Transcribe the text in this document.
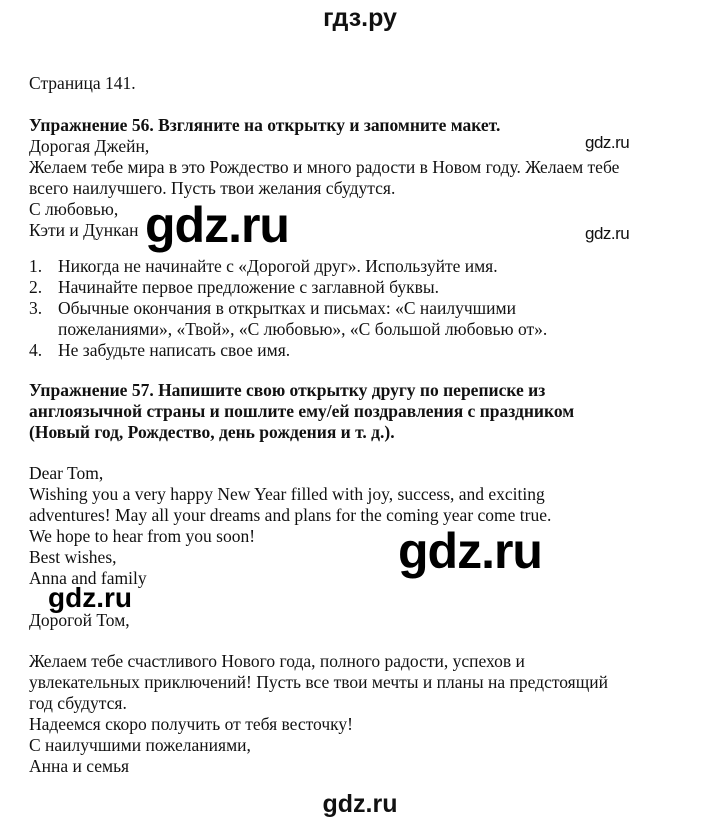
гдз.ру
Страница 141.
Упражнение 56. Взгляните на открытку и запомните макет.
Дорогая Джейн,
Желаем тебе мира в это Рождество и много радости в Новом году. Желаем тебе
всего наилучшего. Пусть твои желания сбудутся.
С любовью,
Кэти и Дункан
gdz.ru
gdz.ru
gdz.ru
1. Никогда не начинайте с «Дорогой друг». Используйте имя.
2. Начинайте первое предложение с заглавной буквы.
3. Обычные окончания в открытках и письмах: «С наилучшими пожеланиями», «Твой», «С любовью», «С большой любовью от».
4. Не забудьте написать свое имя.
Упражнение 57. Напишите свою открытку другу по переписке из
англоязычной страны и пошлите ему/ей поздравления с праздником
(Новый год, Рождество, день рождения и т. д.).
Dear Tom,
Wishing you a very happy New Year filled with joy, success, and exciting
adventures! May all your dreams and plans for the coming year come true.
We hope to hear from you soon!
Best wishes,
Anna and family	gdz.ru
gdz.ru
Дорогой Том,
Желаем тебе счастливого Нового года, полного радости, успехов и
увлекательных приключений! Пусть все твои мечты и планы на предстоящий
год сбудутся.
Надеемся скоро получить от тебя весточку!
С наилучшими пожеланиями,
Анна и семья
gdz.ru
